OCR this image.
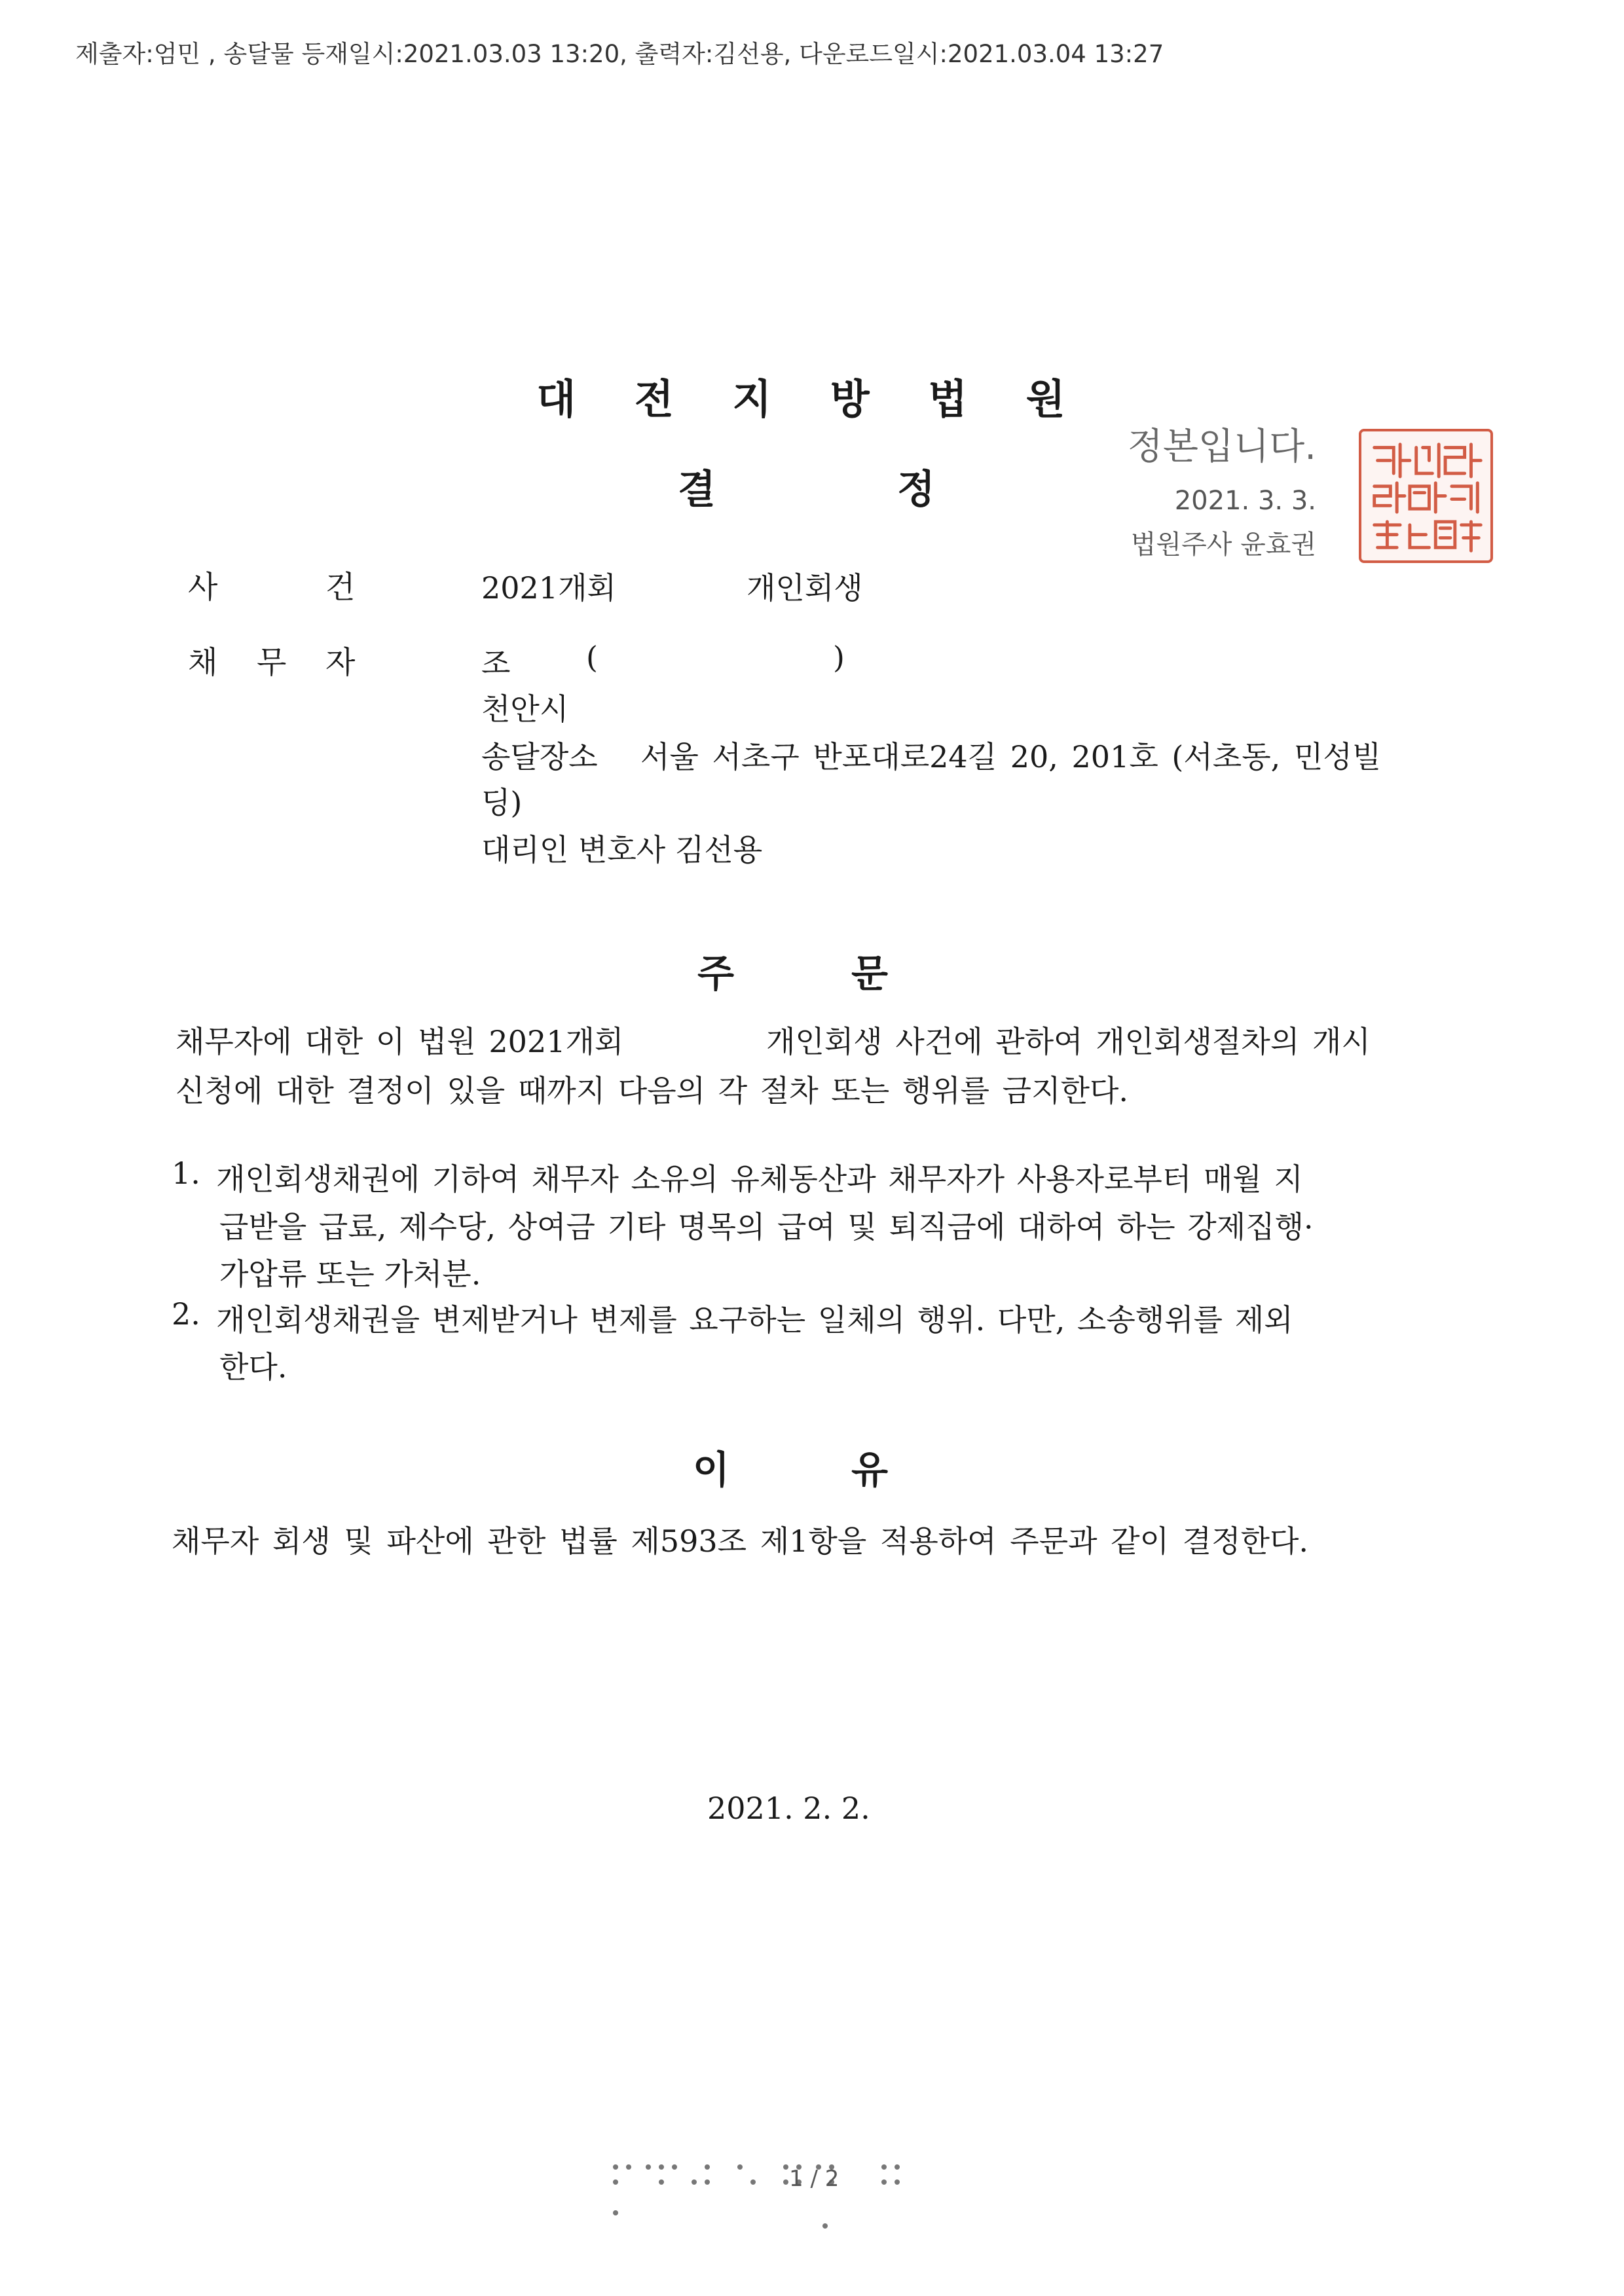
제출자:엄민 , 송달물 등재일시:2021.03.03 13:20, 출력자:김선용, 다운로드일시:2021.03.04 13:27
대 전 지 방 법 원
결	정
정본입니다.
2021. 3. 3.
법원주사 윤효권
사	건	2021개회	개인회생
채 무 자	조	(	)
천안시
송달장소 서울 서초구 반포대로24길 20, 201호 (서초동, 민성빌
딩)
대리인 변호사 김선용
주	문
채무자에 대한 이 법원 2021개회	개인회생 사건에 관하여 개인회생절차의 개시
신청에 대한 결정이 있을 때까지 다음의 각 절차 또는 행위를 금지한다.
1. 개인회생채권에 기하여 채무자 소유의 유체동산과 채무자가 사용자로부터 매월 지
급받을 급료, 제수당, 상여금 기타 명목의 급여 및 퇴직금에 대하여 하는 강제집행·
가압류 또는 가처분.
2. 개인회생채권을 변제받거나 변제를 요구하는 일체의 행위. 다만, 소송행위를 제외
한다.
이	유
채무자 회생 및 파산에 관한 법률 제593조 제1항을 적용하여 주문과 같이 결정한다.
2021. 2. 2.
1 / 2
